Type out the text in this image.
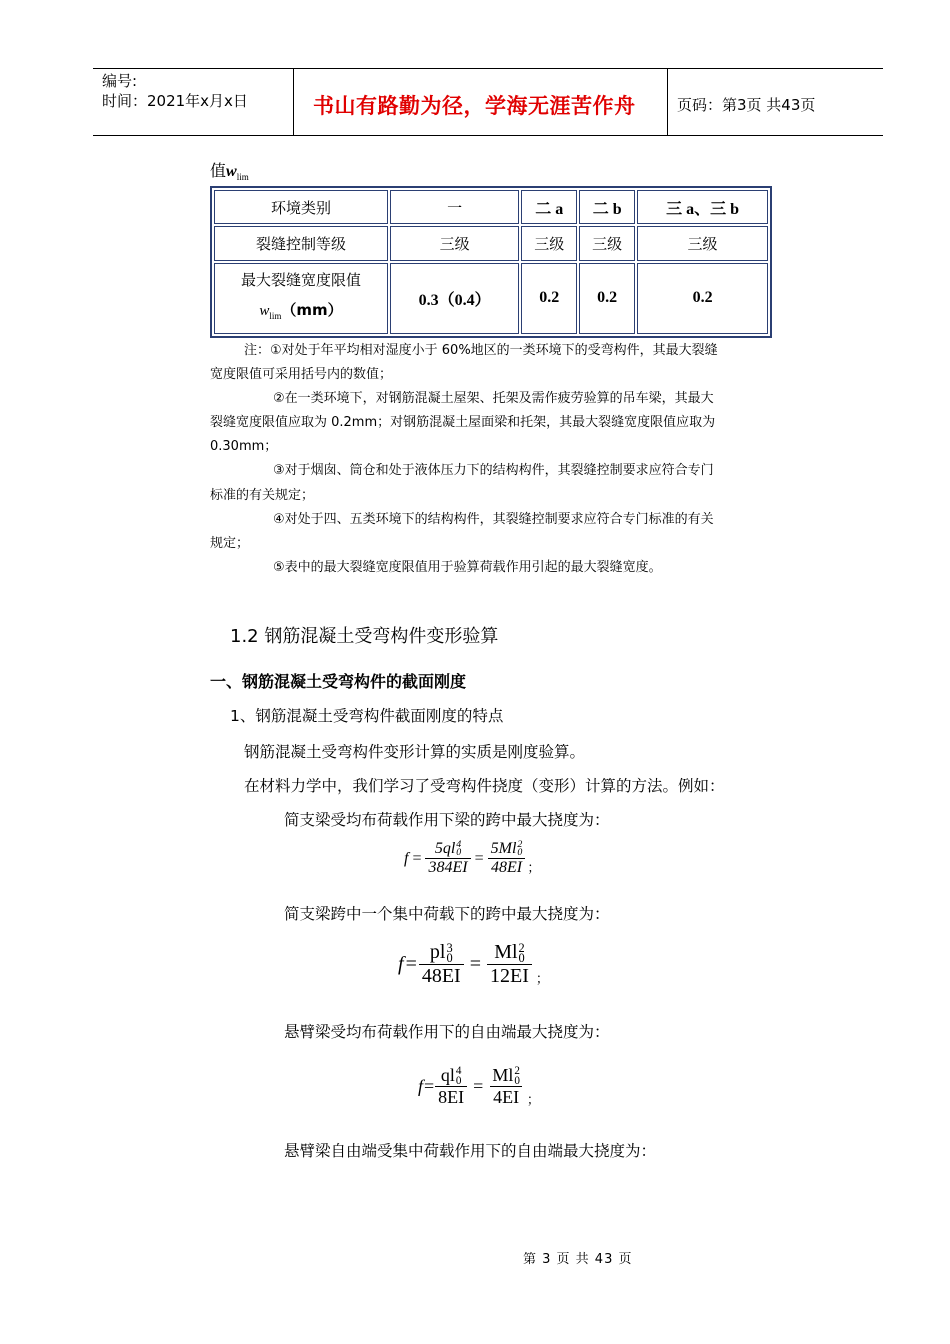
编号:
时间：2021年x月x日	书山有路勤为径，学海无涯苦作舟	页码：第3页 共43页
值$w_{lim}$
环境类别	一	二 a	二 b	三 a、三 b
裂缝控制等级	三级	三级	三级	三级

最大裂缝宽度限值
$w_{lim}(mm)$	0.3（0.4）	0.2	0.2	0.2
注：①对处于年平均相对湿度小于 60%地区的一类环境下的受弯构件，其最大裂缝
宽度限值可采用括号内的数值；
②在一类环境下，对钢筋混凝土屋架、托架及需作疲劳验算的吊车梁，其最大
裂缝宽度限值应取为 0.2mm；对钢筋混凝土屋面梁和托架，其最大裂缝宽度限值应取为
0.30mm；
③对于烟囱、筒仓和处于液体压力下的结构构件，其裂缝控制要求应符合专门
标准的有关规定；
④对处于四、五类环境下的结构构件，其裂缝控制要求应符合专门标准的有关
规定；
⑤表中的最大裂缝宽度限值用于验算荷载作用引起的最大裂缝宽度。
1.2 钢筋混凝土受弯构件变形验算
一、钢筋混凝土受弯构件的截面刚度
1、钢筋混凝土受弯构件截面刚度的特点
钢筋混凝土受弯构件变形计算的实质是刚度验算。
在材料力学中，我们学习了受弯构件挠度（变形）计算的方法。例如：
简支梁受均布荷载作用下梁的跨中最大挠度为：
f = 5ql 4
0
384EI = 5Ml 2
0
48EI ；
简支梁跨中一个集中荷载下的跨中最大挠度为：
f = pl 3
0
48EI = Ml 2
0
12EI ；
悬臂梁受均布荷载作用下的自由端最大挠度为：
f = ql 4
0
8EI = Ml 2
0
4EI ；
悬臂梁自由端受集中荷载作用下的自由端最大挠度为：
第 3 页 共 43 页
